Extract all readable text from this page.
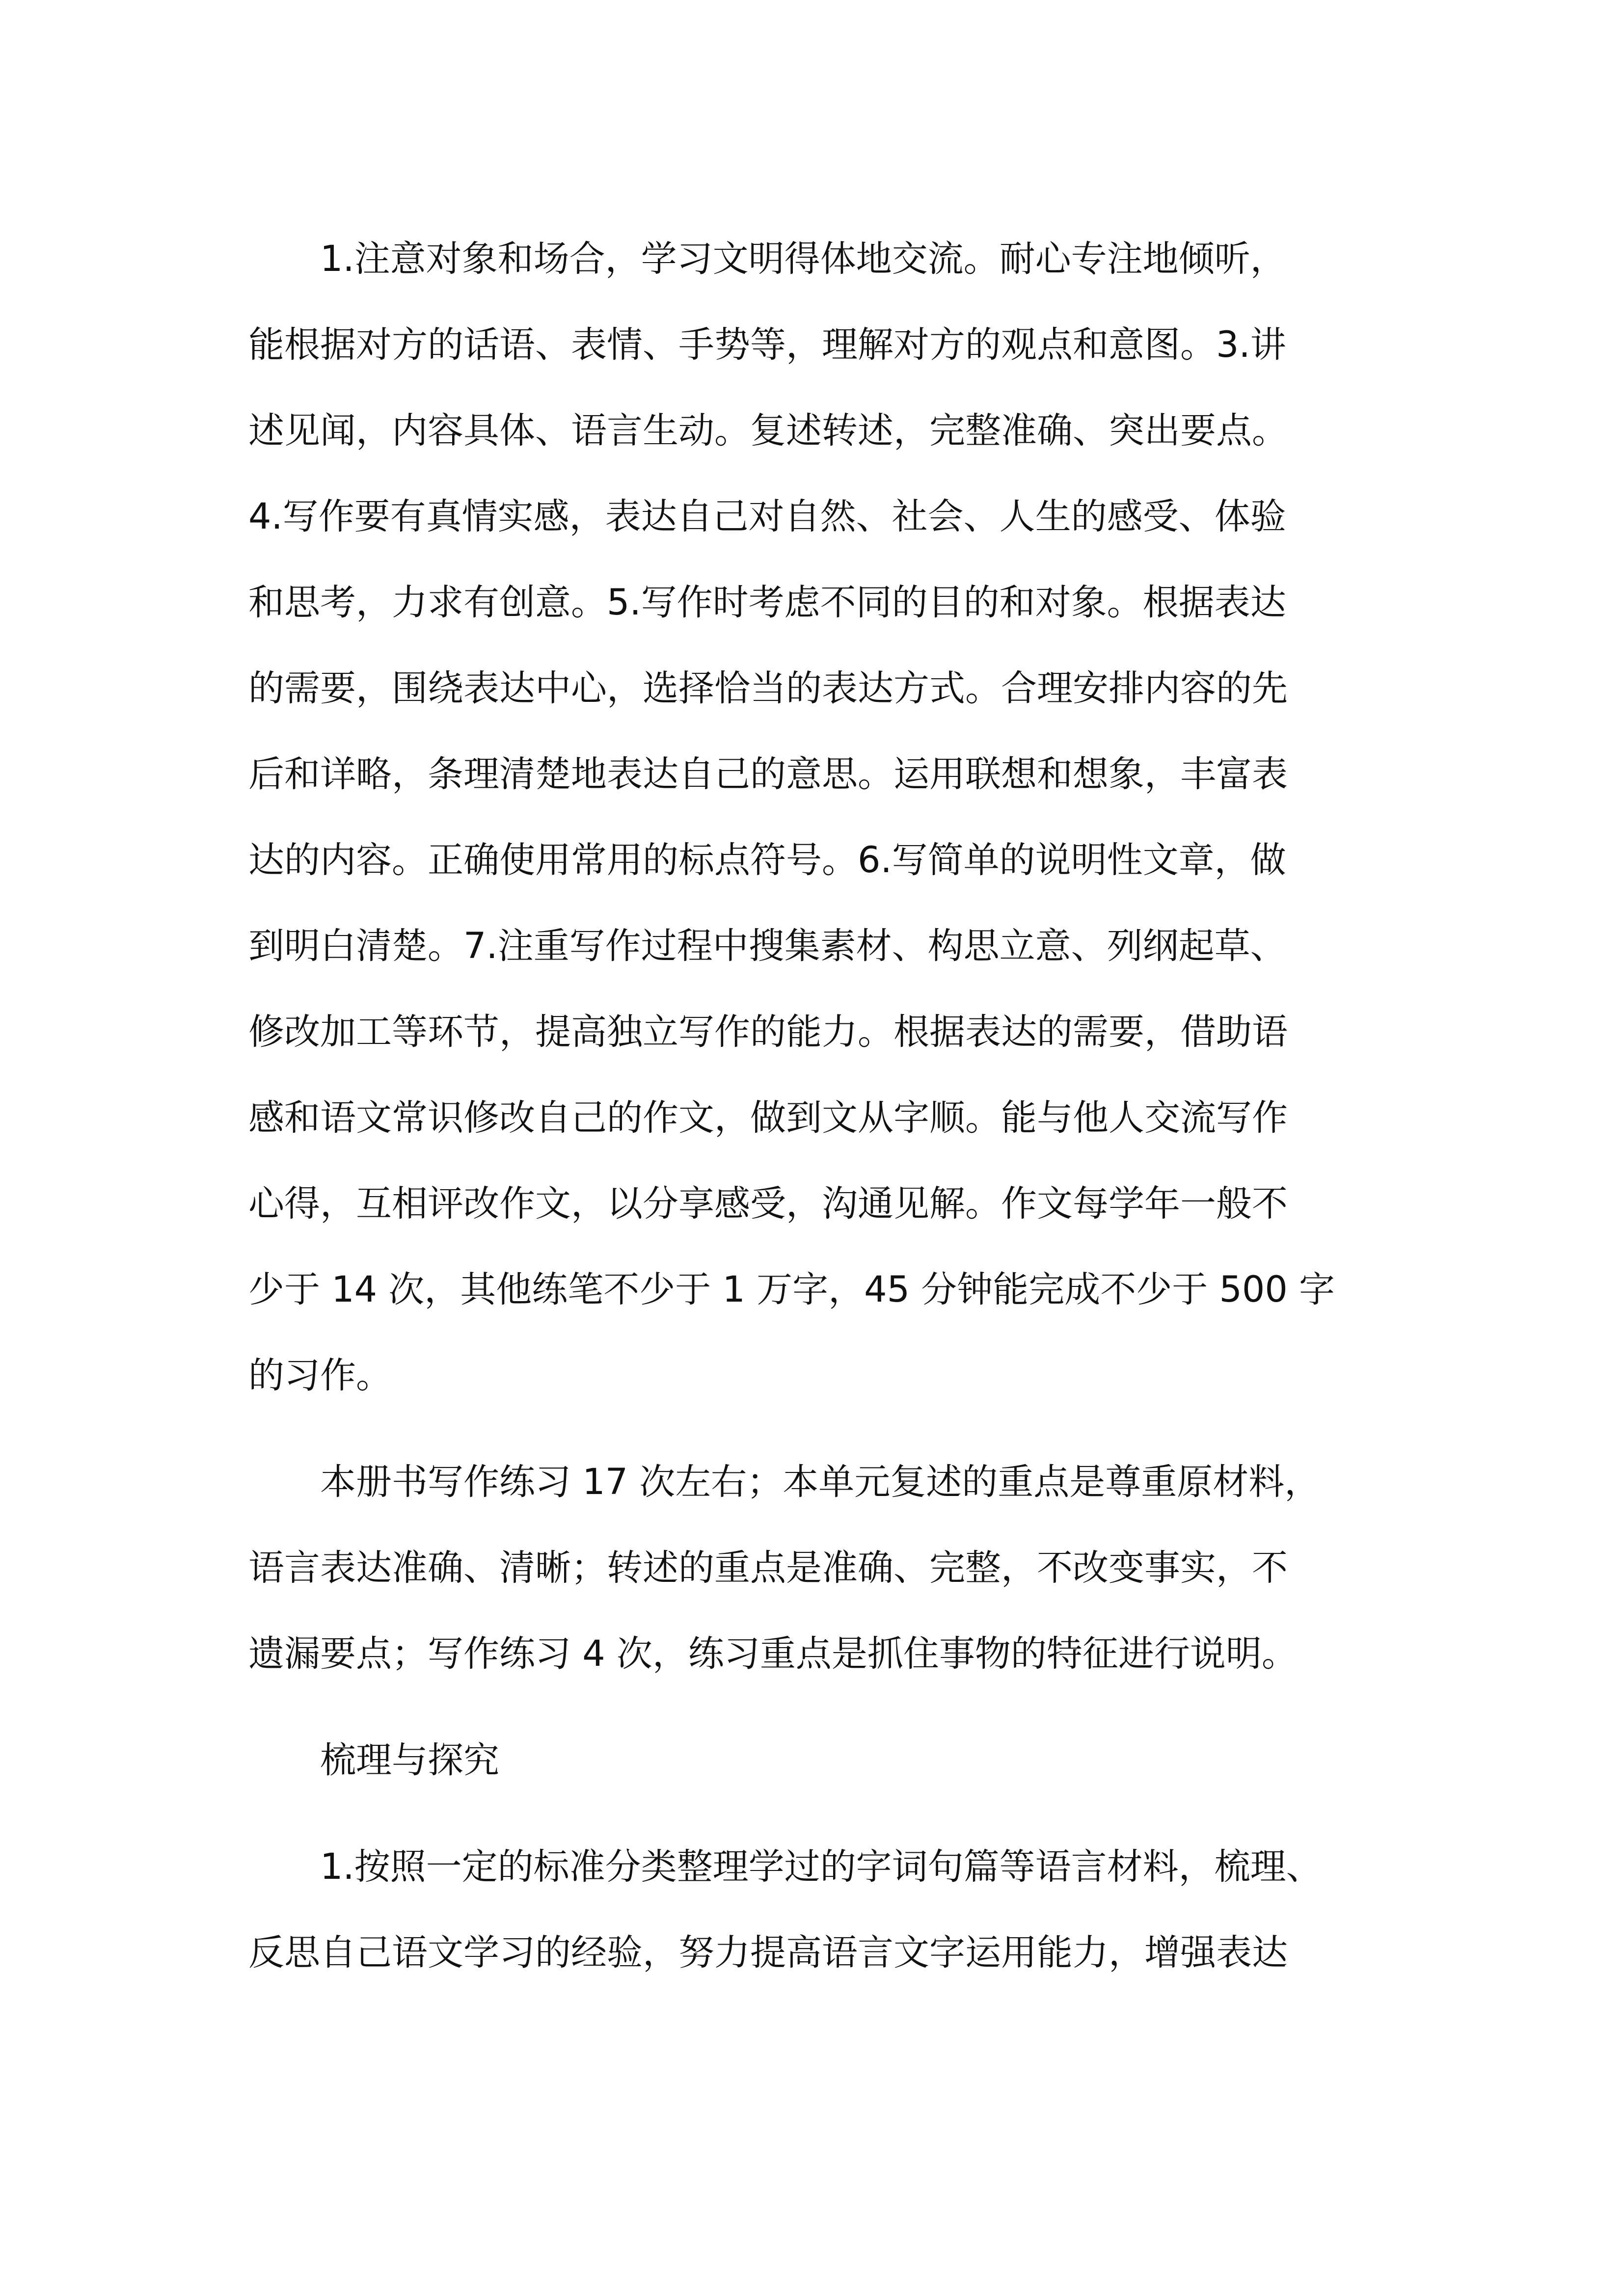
1.注意对象和场合，学习文明得体地交流。耐心专注地倾听，
能根据对方的话语、表情、手势等，理解对方的观点和意图。3.讲
述见闻，内容具体、语言生动。复述转述，完整准确、突出要点。
4.写作要有真情实感，表达自己对自然、社会、人生的感受、体验
和思考，力求有创意。5.写作时考虑不同的目的和对象。根据表达
的需要，围绕表达中心，选择恰当的表达方式。合理安排内容的先
后和详略，条理清楚地表达自己的意思。运用联想和想象，丰富表
达的内容。正确使用常用的标点符号。6.写简单的说明性文章，做
到明白清楚。7.注重写作过程中搜集素材、构思立意、列纲起草、
修改加工等环节，提高独立写作的能力。根据表达的需要，借助语
感和语文常识修改自己的作文，做到文从字顺。能与他人交流写作
心得，互相评改作文，以分享感受，沟通见解。作文每学年一般不
少于 14 次，其他练笔不少于 1 万字，45 分钟能完成不少于 500 字
的习作。

本册书写作练习 17 次左右；本单元复述的重点是尊重原材料，
语言表达准确、清晰；转述的重点是准确、完整，不改变事实，不
遗漏要点；写作练习 4 次，练习重点是抓住事物的特征进行说明。

梳理与探究

1.按照一定的标准分类整理学过的字词句篇等语言材料，梳理、
反思自己语文学习的经验，努力提高语言文字运用能力，增强表达
